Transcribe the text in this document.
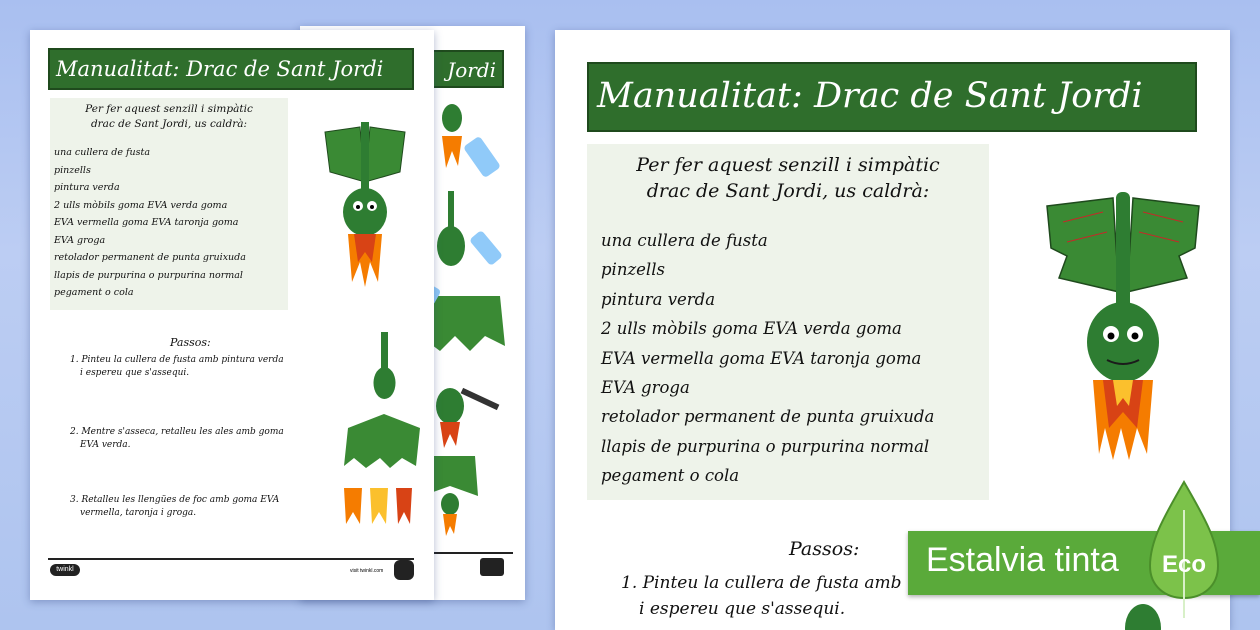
Jordi
Manualitat: Drac de Sant Jordi
Per fer aquest senzill i simpàtic
drac de Sant Jordi, us caldrà:
una cullera de fusta
pinzells
pintura verda
2 ulls mòbils goma EVA verda goma
EVA vermella goma EVA taronja goma
EVA groga
retolador permanent de punta gruixuda
llapis de purpurina o purpurina normal
pegament o cola
Passos:
1. Pinteu la cullera de fusta amb pintura verda
i espereu que s'assequi.
2. Mentre s'asseca, retalleu les ales amb goma
EVA verda.
3. Retalleu les llengües de foc amb goma EVA
vermella, taronja i groga.
twinkl	visit twinkl.com
Manualitat: Drac de Sant Jordi
Per fer aquest senzill i simpàtic
drac de Sant Jordi, us caldrà:
una cullera de fusta
pinzells
pintura verda
2 ulls mòbils goma EVA verda goma
EVA vermella goma EVA taronja goma
EVA groga
retolador permanent de punta gruixuda
llapis de purpurina o purpurina normal
pegament o cola
Passos:
1. Pinteu la cullera de fusta amb
i espereu que s'assequi.
Estalvia tinta Eco
